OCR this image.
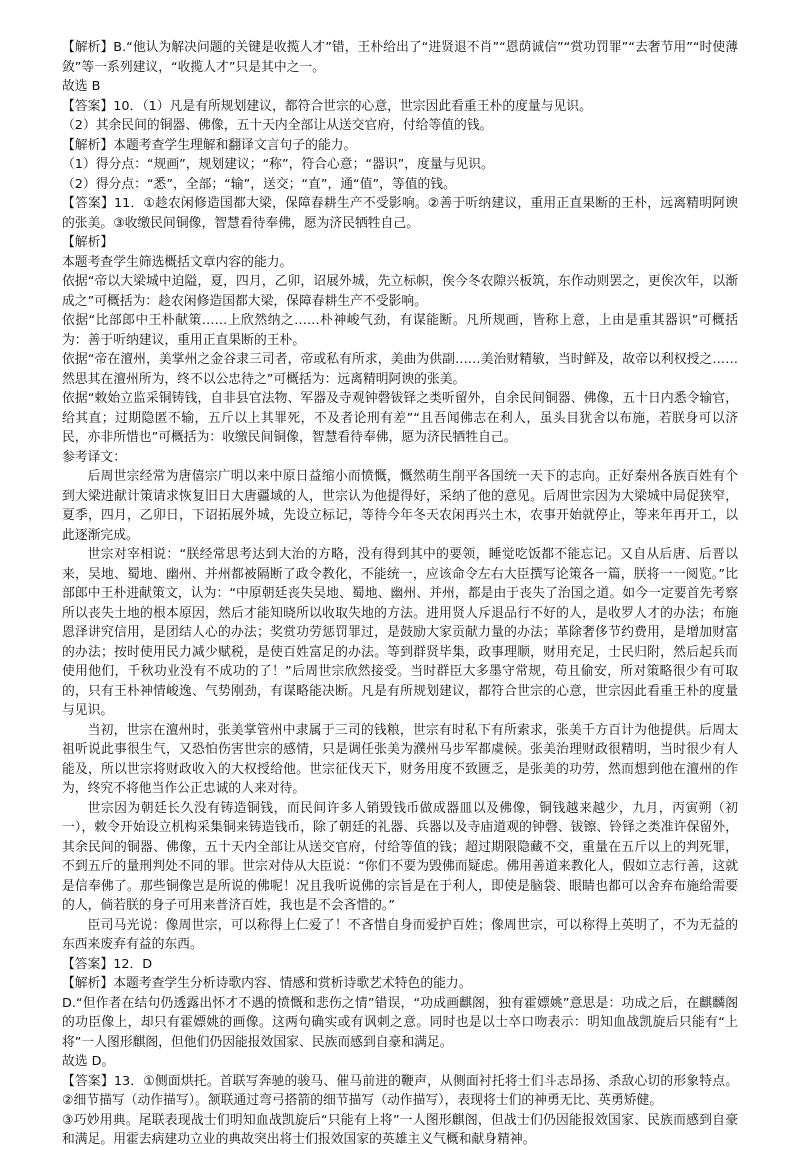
【解析】B.“他认为解决问题的关键是收揽人才”错，王朴给出了“进贤退不肖”“恩荫诚信”“赏功罚罪”“去奢节用”“时使薄敛”等一系列建议，“收揽人才”只是其中之一。

故选 B

【答案】10．（1）凡是有所规划建议，都符合世宗的心意，世宗因此看重王朴的度量与见识。

（2）其余民间的铜器、佛像，五十天内全部让从送交官府，付给等值的钱。

【解析】本题考查学生理解和翻译文言句子的能力。

（1）得分点：“规画”，规划建议；“称”，符合心意；“器识”，度量与见识。

（2）得分点：“悉”，全部；“输”，送交；“直”，通“值”，等值的钱。

【答案】11．①趁农闲修造国都大梁，保障春耕生产不受影响。②善于听纳建议，重用正直果断的王朴，远离精明阿谀的张美。③收缴民间铜像，智慧看待奉佛，愿为济民牺牲自己。

【解析】

本题考查学生筛选概括文章内容的能力。

依据“帝以大梁城中迫隘，夏，四月，乙卯，诏展外城，先立标帜，俟今冬农隙兴板筑，东作动则罢之，更俟次年，以渐成之”可概括为：趁农闲修造国都大梁，保障春耕生产不受影响。

依据“比部郎中王朴献策……上欣然纳之……朴神峻气劲，有谋能断。凡所规画，皆称上意，上由是重其器识”可概括为：善于听纳建议，重用正直果断的王朴。

依据“帝在澶州，美掌州之金谷隶三司者，帝或私有所求，美曲为供副……美治财精敏，当时鲜及，故帝以利权授之……然思其在澶州所为，终不以公忠待之”可概括为：远离精明阿谀的张美。

依据“敕始立监采铜铸钱，自非县官法物、军器及寺观钟磬钹铎之类听留外，自余民间铜器、佛像，五十日内悉令输官，给其直；过期隐匿不输，五斤以上其罪死，不及者论刑有差”“且吾闻佛志在利人，虽头目犹舍以布施，若朕身可以济民，亦非所惜也”可概括为：收缴民间铜像，智慧看待奉佛，愿为济民牺牲自己。

参考译文：

后周世宗经常为唐僖宗广明以来中原日益缩小而愤慨，慨然萌生削平各国统一天下的志向。正好秦州各族百姓有个到大梁进献计策请求恢复旧日大唐疆域的人，世宗认为他提得好，采纳了他的意见。后周世宗因为大梁城中局促狭窄，夏季，四月，乙卯日，下诏拓展外城，先设立标记，等待今年冬天农闲再兴土木，农事开始就停止，等来年再开工，以此逐渐完成。

世宗对宰相说：“朕经常思考达到大治的方略，没有得到其中的要领，睡觉吃饭都不能忘记。又自从后唐、后晋以来，吴地、蜀地、幽州、并州都被隔断了政令教化，不能统一，应该命令左右大臣撰写论策各一篇，朕将一一阅览。”比部郎中王朴进献策文，认为：“中原朝廷丧失吴地、蜀地、幽州、并州，都是由于丧失了治国之道。如今一定要首先考察所以丧失土地的根本原因，然后才能知晓所以收取失地的方法。进用贤人斥退品行不好的人，是收罗人才的办法；布施恩泽讲究信用，是团结人心的办法；奖赏功劳惩罚罪过，是鼓励大家贡献力量的办法；革除奢侈节约费用，是增加财富的办法；按时使用民力减少赋税，是使百姓富足的办法。等到群贤毕集，政事理顺，财用充足，士民归附，然后起兵而使用他们，千秋功业没有不成功的了！”后周世宗欣然接受。当时群臣大多墨守常规，苟且偷安，所对策略很少有可取的，只有王朴神情峻逸、气势刚劲，有谋略能决断。凡是有所规划建议，都符合世宗的心意，世宗因此看重王朴的度量与见识。

当初，世宗在澶州时，张美掌管州中隶属于三司的钱粮，世宗有时私下有所索求，张美千方百计为他提供。后周太祖听说此事很生气，又恐怕伤害世宗的感情，只是调任张美为濮州马步军都虞候。张美治理财政很精明，当时很少有人能及，所以世宗将财政收入的大权授给他。世宗征伐天下，财务用度不致匮乏，是张美的功劳，然而想到他在澶州的作为，终究不将他当作公正忠诚的人来对待。

世宗因为朝廷长久没有铸造铜钱，而民间许多人销毁钱币做成器皿以及佛像，铜钱越来越少，九月，丙寅朔（初一），敕令开始设立机构采集铜来铸造钱币，除了朝廷的礼器、兵器以及寺庙道观的钟磬、钹镲、铃铎之类准许保留外，其余民间的铜器、佛像，五十天内全部让从送交官府，付给等值的钱；超过期限隐藏不交，重量在五斤以上的判死罪，不到五斤的量刑判处不同的罪。世宗对侍从大臣说：“你们不要为毁佛而疑虑。佛用善道来教化人，假如立志行善，这就是信奉佛了。那些铜像岂是所说的佛呢！况且我听说佛的宗旨是在于利人，即使是脑袋、眼睛也都可以舍弃布施给需要的人，倘若朕的身子可用来普济百姓，我也是不会吝惜的。”

臣司马光说：像周世宗，可以称得上仁爱了！不吝惜自身而爱护百姓；像周世宗，可以称得上英明了，不为无益的东西来废弃有益的东西。

【答案】12．D

【解析】本题考查学生分析诗歌内容、情感和赏析诗歌艺术特色的能力。

D.“但作者在结句仍透露出怀才不遇的愤慨和悲伤之情”错误，“功成画麒阁，独有霍嫖姚”意思是：功成之后，在麒麟阁的功臣像上，却只有霍嫖姚的画像。这两句确实或有讽刺之意。同时也是以士卒口吻表示：明知血战凯旋后只能有“上将”一人图形麒阁，但他们仍因能报效国家、民族而感到自豪和满足。

故选 D。

【答案】13．①侧面烘托。首联写奔驰的骏马、催马前进的鞭声，从侧面衬托将士们斗志昂扬、杀敌心切的形象特点。②细节描写（动作描写）。颔联通过弯弓搭箭的细节描写（动作描写），表现将士们的神勇无比、英勇矫健。

③巧妙用典。尾联表现战士们明知血战凯旋后“只能有上将”一人图形麒阁，但战士们仍因能报效国家、民族而感到自豪和满足。用霍去病建功立业的典故突出将士们报效国家的英雄主义气概和献身精神。
